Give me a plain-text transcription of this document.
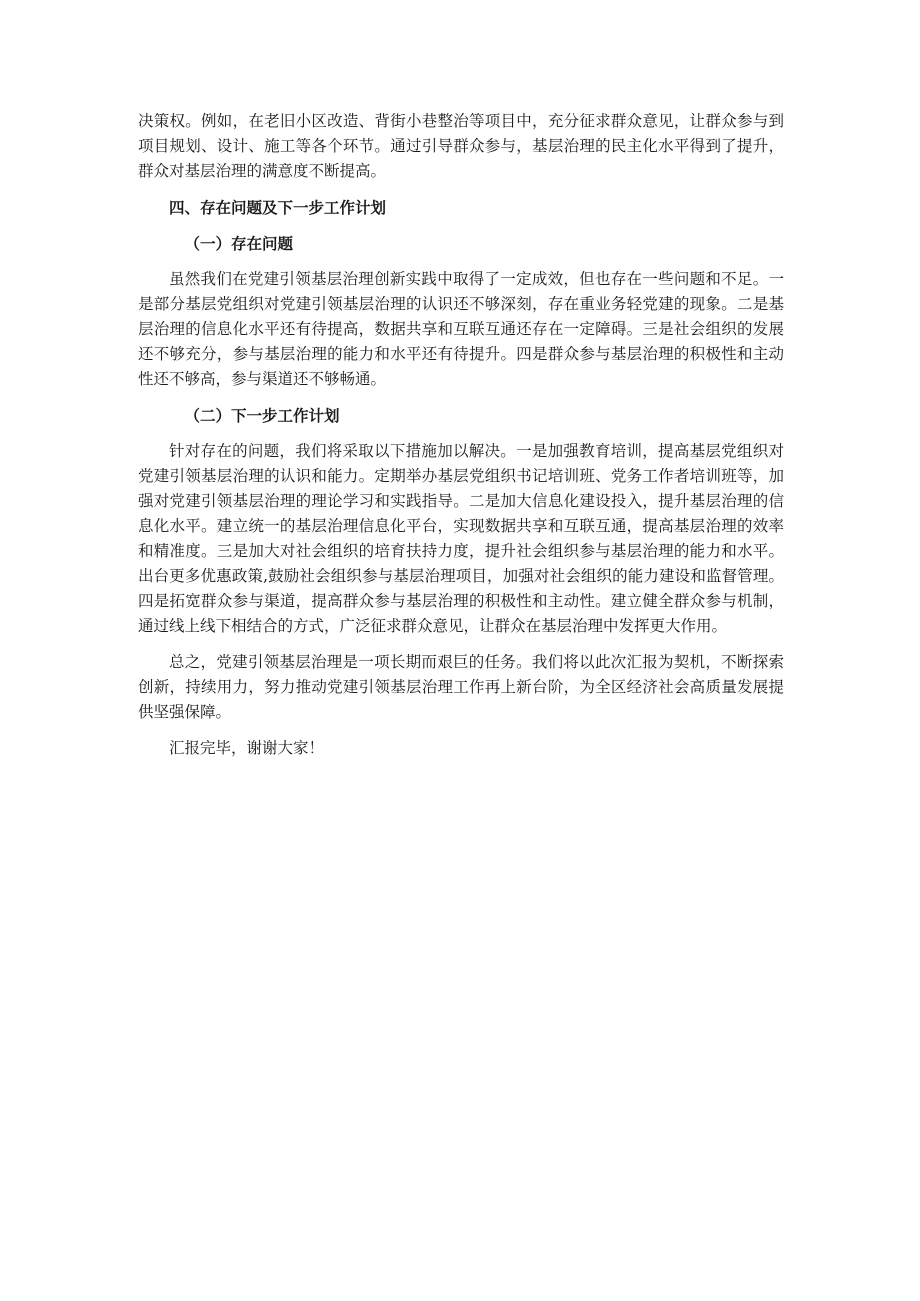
决策权。例如，在老旧小区改造、背街小巷整治等项目中，充分征求群众意见，让群众参与到项目规划、设计、施工等各个环节。通过引导群众参与，基层治理的民主化水平得到了提升，群众对基层治理的满意度不断提高。

四、存在问题及下一步工作计划
（一）存在问题

虽然我们在党建引领基层治理创新实践中取得了一定成效，但也存在一些问题和不足。一是部分基层党组织对党建引领基层治理的认识还不够深刻，存在重业务轻党建的现象。二是基层治理的信息化水平还有待提高，数据共享和互联互通还存在一定障碍。三是社会组织的发展还不够充分，参与基层治理的能力和水平还有待提升。四是群众参与基层治理的积极性和主动性还不够高，参与渠道还不够畅通。

（二）下一步工作计划

针对存在的问题，我们将采取以下措施加以解决。一是加强教育培训，提高基层党组织对党建引领基层治理的认识和能力。定期举办基层党组织书记培训班、党务工作者培训班等，加强对党建引领基层治理的理论学习和实践指导。二是加大信息化建设投入，提升基层治理的信息化水平。建立统一的基层治理信息化平台，实现数据共享和互联互通，提高基层治理的效率和精准度。三是加大对社会组织的培育扶持力度，提升社会组织参与基层治理的能力和水平。出台更多优惠政策,鼓励社会组织参与基层治理项目，加强对社会组织的能力建设和监督管理。四是拓宽群众参与渠道，提高群众参与基层治理的积极性和主动性。建立健全群众参与机制，通过线上线下相结合的方式，广泛征求群众意见，让群众在基层治理中发挥更大作用。

总之，党建引领基层治理是一项长期而艰巨的任务。我们将以此次汇报为契机，不断探索创新，持续用力，努力推动党建引领基层治理工作再上新台阶，为全区经济社会高质量发展提供坚强保障。

汇报完毕，谢谢大家！
